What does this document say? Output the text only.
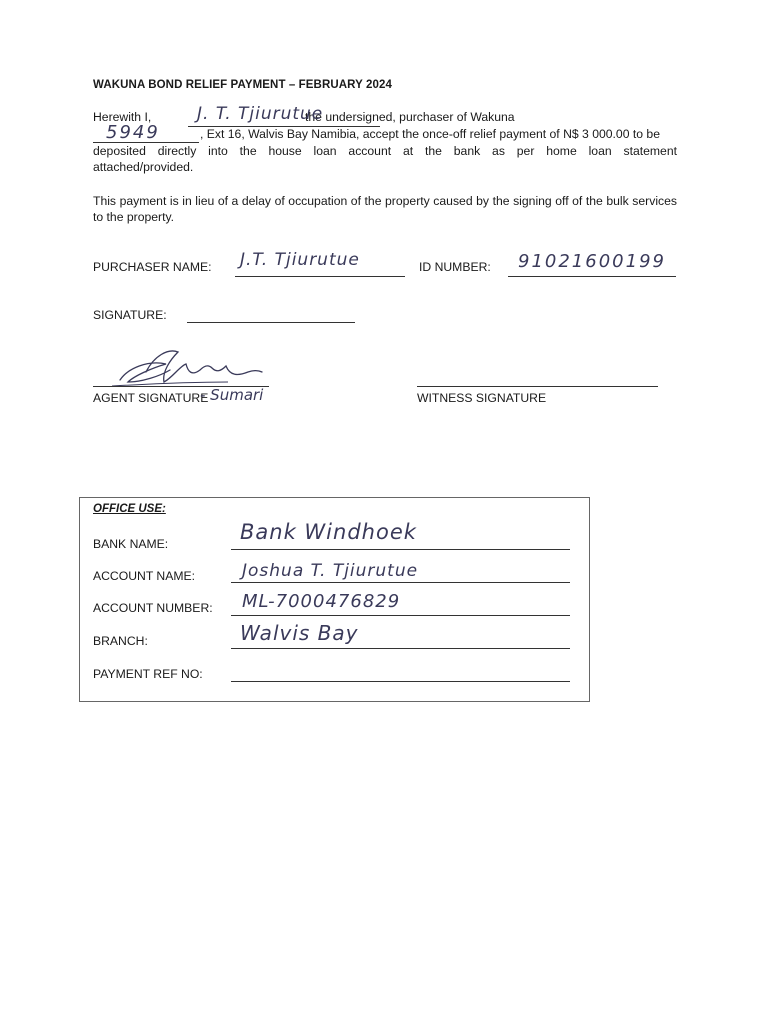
WAKUNA BOND RELIEF PAYMENT – FEBRUARY 2024
Herewith I,	the undersigned, purchaser of Wakuna
J. T. Tjiurutue
, Ext 16, Walvis Bay Namibia, accept the once-off relief payment of N$ 3 000.00 to be
5949
deposited directly into the house loan account at the bank as per home loan statement
attached/provided.
This payment is in lieu of a delay of occupation of the property caused by the signing off of the bulk services to the property.
PURCHASER NAME: J.T. Tjiurutue	ID NUMBER: 91021600199
SIGNATURE:
AGENT SIGNATURE
- Sumari	WITNESS SIGNATURE
OFFICE USE:
BANK NAME:	Bank Windhoek
ACCOUNT NAME:	Joshua T. Tjiurutue
ACCOUNT NUMBER: ML-7000476829
BRANCH:	Walvis Bay
PAYMENT REF NO:
